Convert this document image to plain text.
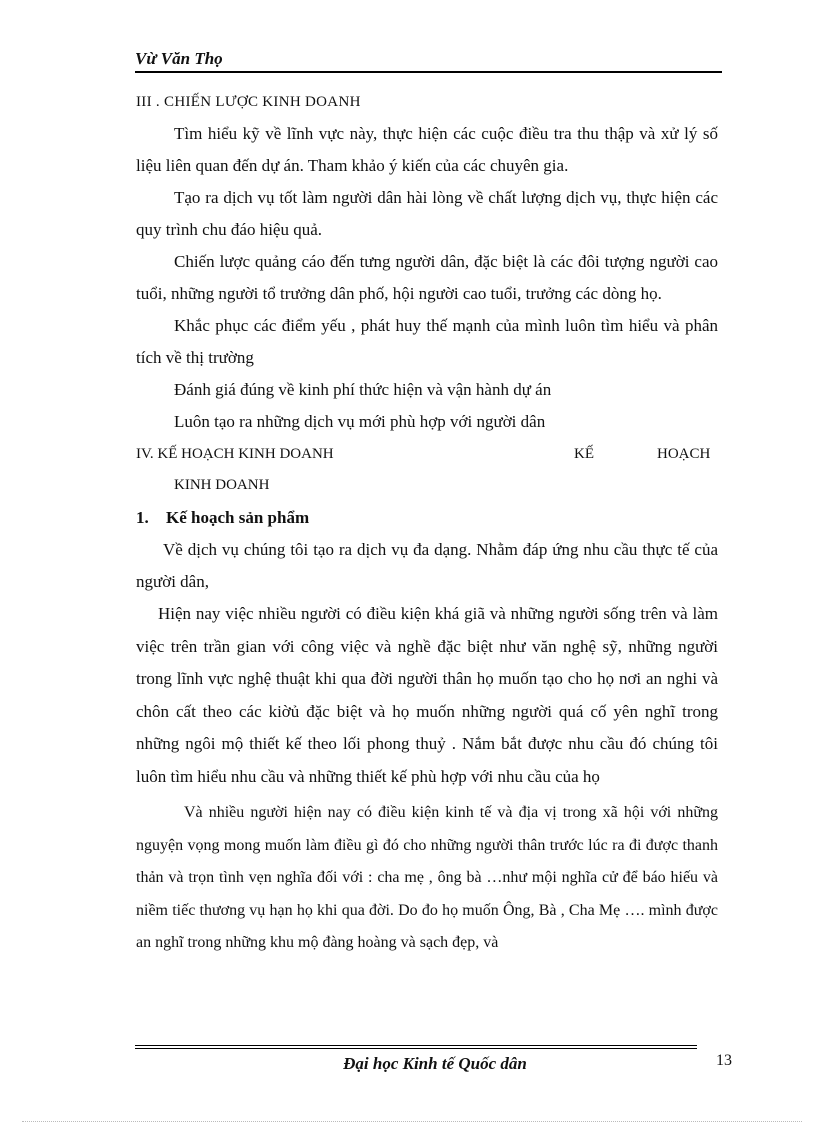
Vừ Văn Thọ

III . CHIẾN LƯỢC KINH DOANH

Tìm hiểu kỹ về lĩnh vực này, thực hiện các cuộc điều tra thu thập và xử lý số liệu liên quan đến dự án. Tham khảo ý kiến của các chuyên gia.

Tạo ra dịch vụ tốt làm người dân hài lòng về chất lượng dịch vụ, thực hiện các quy trình chu đáo hiệu quả.

Chiến lược quảng cáo đến tưng người dân, đặc biệt là các đôi tượng người cao tuổi, những người tổ trưởng dân phố, hội người cao tuổi, trưởng các dòng họ.

Khắc phục các điểm yếu , phát huy thế mạnh của mình luôn tìm hiểu và phân tích về thị trường

Đánh giá đúng về kinh phí thức hiện và vận hành dự án

Luôn tạo ra những dịch vụ mới phù hợp với người dân

IV. KẾ HOẠCH KINH DOANH	KẾ	HOẠCH
KINH DOANH

1. Kế hoạch sản phẩm

Về dịch vụ chúng tôi tạo ra dịch vụ đa dạng. Nhằm đáp ứng nhu cầu thực tế của người dân,

Hiện nay việc nhiều người có điều kiện khá giã và những người sống trên và làm việc trên trần gian với công việc và nghề đặc biệt như văn nghệ sỹ, những người trong lĩnh vực nghệ thuật khi qua đời người thân họ muốn tạo cho họ nơi an nghi và chôn cất theo các kiờủ đặc biệt và họ muốn những người quá cố yên nghĩ trong những ngôi mộ thiết kế theo lối phong thuỷ . Nắm bắt được nhu cầu đó chúng tôi luôn tìm hiểu nhu cầu và những thiết kế phù hợp với nhu cầu của họ

Và nhiều người hiện nay có điều kiện kinh tế và địa vị trong xã hội với những nguyện vọng mong muốn làm điều gì đó cho những người thân trước lúc ra đi được thanh thản và trọn tình vẹn nghĩa đối với : cha mẹ , ông bà …như mội nghĩa cử để báo hiếu và niềm tiếc thương vụ hạn họ khi qua đời. Do đo họ muốn Ông, Bà , Cha Mẹ …. mình được an nghĩ trong những khu mộ đàng hoàng và sạch đẹp, và

Đại học Kinh tế Quốc dân	13
